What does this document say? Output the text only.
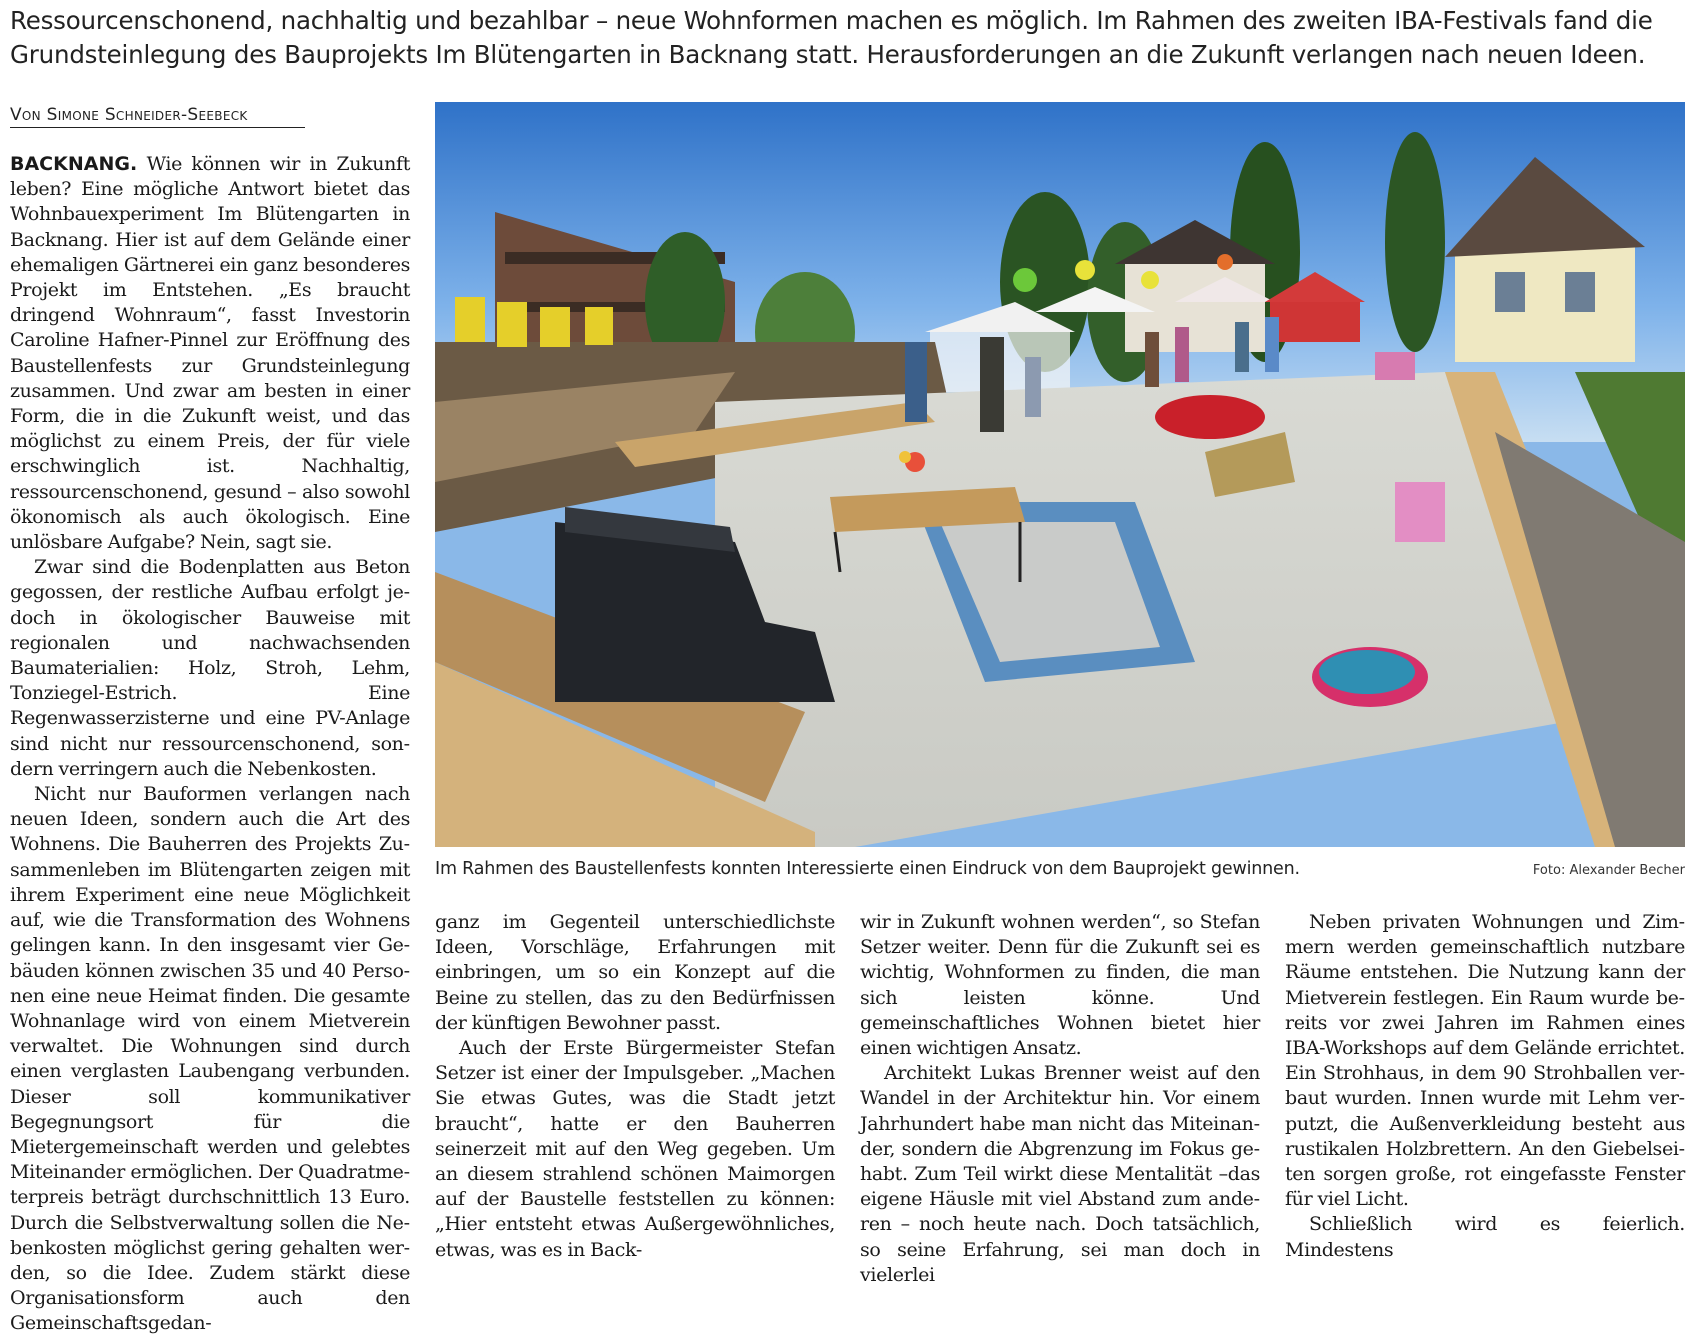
Ressourcenschonend, nachhaltig und bezahlbar – neue Wohnformen machen es möglich. Im Rahmen des zweiten IBA-Festivals fand die
Grundsteinlegung des Bauprojekts Im Blütengarten in Backnang statt. Herausforderungen an die Zukunft verlangen nach neuen Ideen.
Von Simone Schneider-Seebeck

BACKNANG. Wie können wir in Zukunft leben? Eine mögliche Antwort bietet das Wohnbauexperiment Im Blütengarten in Backnang. Hier ist auf dem Gelände einer ehemaligen Gärtnerei ein ganz besonderes Projekt im Entstehen. „Es braucht dringend Wohnraum“, fasst Investorin Caroline Hafner-Pinnel zur Eröffnung des Baustellenfests zur Grundsteinlegung zusammen. Und zwar am besten in einer Form, die in die Zukunft weist, und das möglichst zu einem Preis, der für viele erschwinglich ist. Nachhaltig, ressourcenschonend, gesund – also sowohl ökonomisch als auch ökologisch. Eine unlösbare Aufgabe? Nein, sagt sie.

Zwar sind die Bodenplatten aus Beton gegossen, der restliche Aufbau erfolgt jedoch in ökologischer Bauweise mit regionalen und nachwachsenden Baumaterialien: Holz, Stroh, Lehm, Tonziegel-Estrich. Eine Regenwasserzisterne und eine PV-Anlage sind nicht nur ressourcenschonend, sondern verringern auch die Nebenkosten.

Nicht nur Bauformen verlangen nach neuen Ideen, sondern auch die Art des Wohnens. Die Bauherren des Projekts Zusammenleben im Blütengarten zeigen mit ihrem Experiment eine neue Möglichkeit auf, wie die Transformation des Wohnens gelingen kann. In den insgesamt vier Gebäuden können zwischen 35 und 40 Personen eine neue Heimat finden. Die gesamte Wohnanlage wird von einem Mietverein verwaltet. Die Wohnungen sind durch einen verglasten Laubengang verbunden. Dieser soll kommunikativer Begegnungsort für die Mietergemeinschaft werden und gelebtes Miteinander ermöglichen. Der Quadratmeterpreis beträgt durchschnittlich 13 Euro. Durch die Selbstverwaltung sollen die Nebenkosten möglichst gering gehalten werden, so die Idee. Zudem stärkt diese Organisationsform auch den Gemeinschaftsgedan-

Im Rahmen des Baustellenfests konnten Interessierte einen Eindruck von dem Bauprojekt gewinnen.	Foto: Alexander Becher

ganz im Gegenteil unterschiedlichste Ideen, Vorschläge, Erfahrungen mit einbringen, um so ein Konzept auf die Beine zu stellen, das zu den Bedürfnissen der künftigen Bewohner passt.

Auch der Erste Bürgermeister Stefan Setzer ist einer der Impulsgeber. „Machen Sie etwas Gutes, was die Stadt jetzt braucht“, hatte er den Bauherren seinerzeit mit auf den Weg gegeben. Um an diesem strahlend schönen Maimorgen auf der Baustelle feststellen zu können: „Hier entsteht etwas Außergewöhnliches, etwas, was es in Back-

wir in Zukunft wohnen werden“, so Stefan Setzer weiter. Denn für die Zukunft sei es wichtig, Wohnformen zu finden, die man sich leisten könne. Und gemeinschaftliches Wohnen bietet hier einen wichtigen Ansatz.

Architekt Lukas Brenner weist auf den Wandel in der Architektur hin. Vor einem Jahrhundert habe man nicht das Miteinander, sondern die Abgrenzung im Fokus gehabt. Zum Teil wirkt diese Mentalität –das eigene Häusle mit viel Abstand zum anderen – noch heute nach. Doch tatsächlich, so seine Erfahrung, sei man doch in vielerlei

Neben privaten Wohnungen und Zimmern werden gemeinschaftlich nutzbare Räume entstehen. Die Nutzung kann der Mietverein festlegen. Ein Raum wurde bereits vor zwei Jahren im Rahmen eines IBA-Workshops auf dem Gelände errichtet. Ein Strohhaus, in dem 90 Strohballen verbaut wurden. Innen wurde mit Lehm verputzt, die Außenverkleidung besteht aus rustikalen Holzbrettern. An den Giebelseiten sorgen große, rot eingefasste Fenster für viel Licht.

Schließlich wird es feierlich. Mindestens
